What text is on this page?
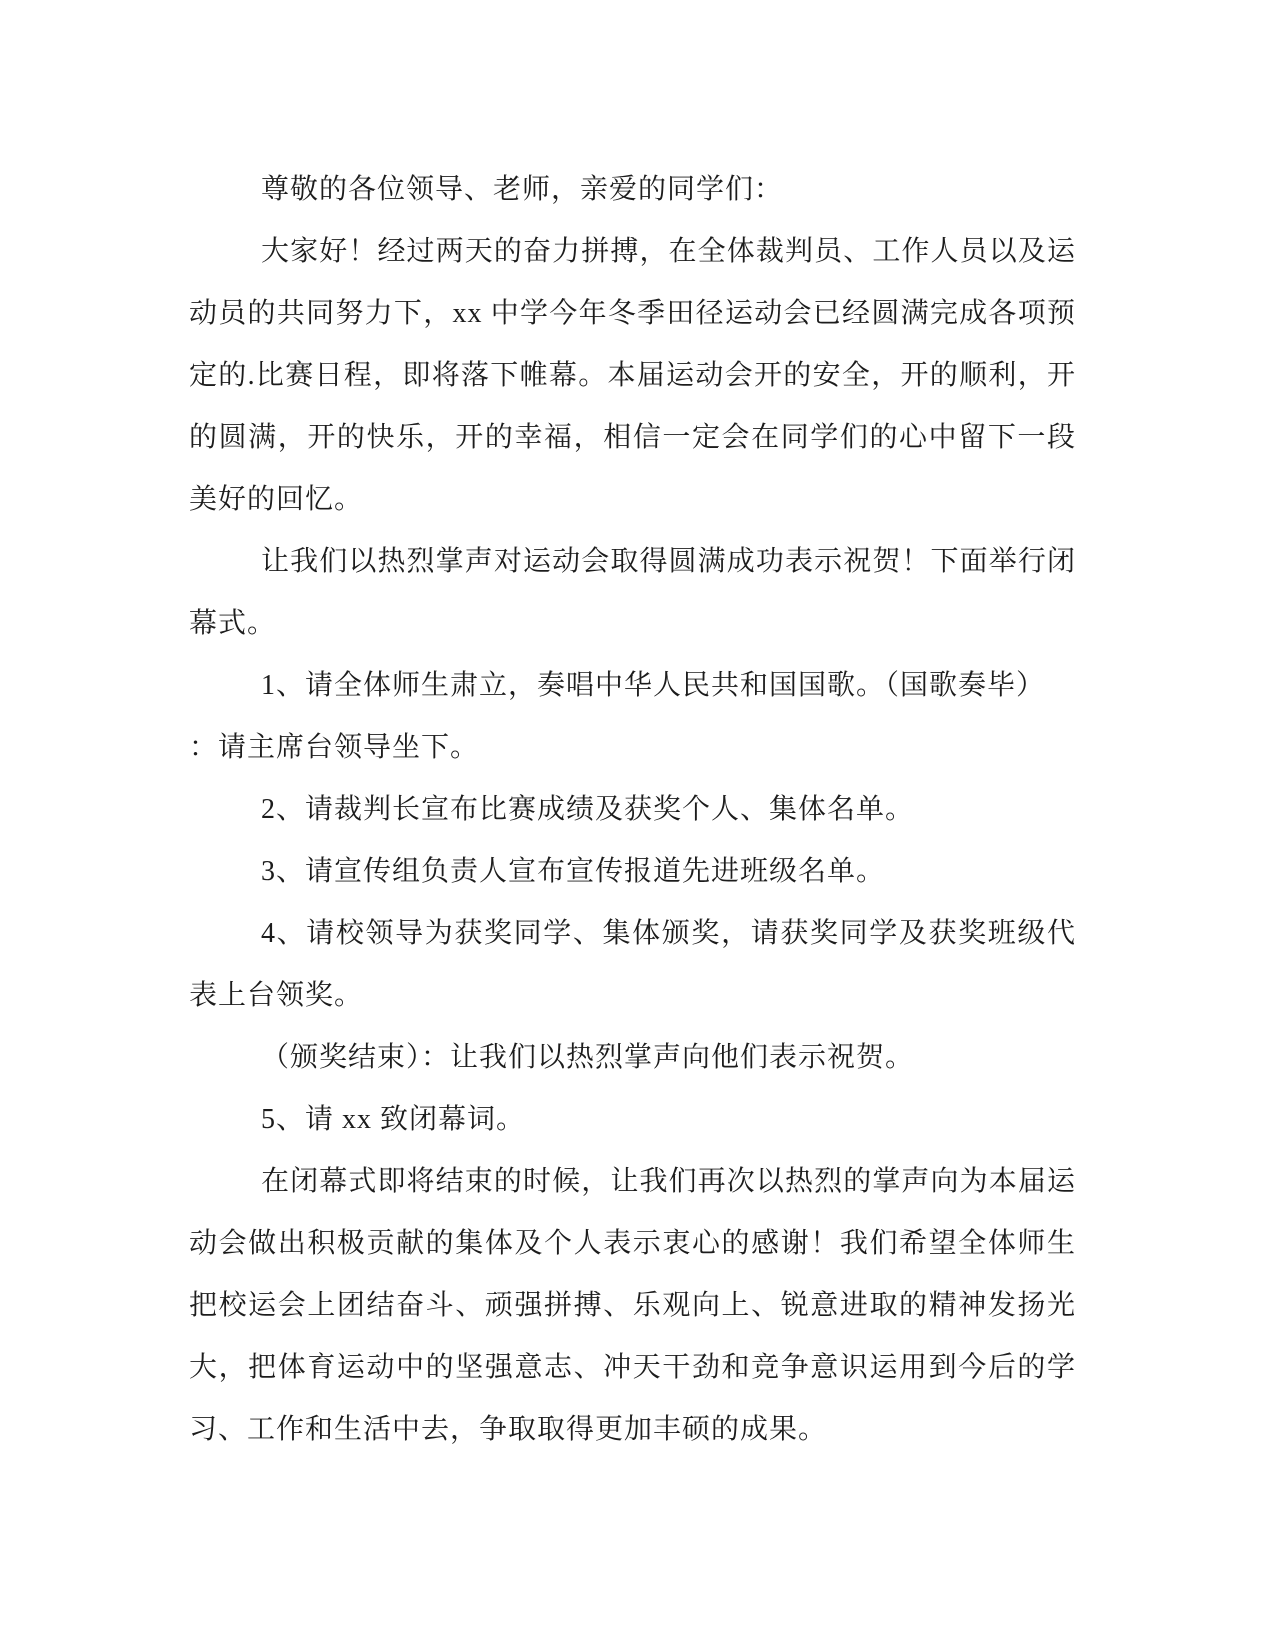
尊敬的各位领导、老师，亲爱的同学们：
大家好！经过两天的奋力拼搏，在全体裁判员、工作人员以及运
动员的共同努力下，xx 中学今年冬季田径运动会已经圆满完成各项预
定的.比赛日程，即将落下帷幕。本届运动会开的安全，开的顺利，开
的圆满，开的快乐，开的幸福，相信一定会在同学们的心中留下一段
美好的回忆。
让我们以热烈掌声对运动会取得圆满成功表示祝贺！下面举行闭
幕式。
1、请全体师生肃立，奏唱中华人民共和国国歌。（国歌奏毕）
：请主席台领导坐下。
2、请裁判长宣布比赛成绩及获奖个人、集体名单。
3、请宣传组负责人宣布宣传报道先进班级名单。
4、请校领导为获奖同学、集体颁奖，请获奖同学及获奖班级代
表上台领奖。
（颁奖结束）：让我们以热烈掌声向他们表示祝贺。
5、请 xx 致闭幕词。
在闭幕式即将结束的时候，让我们再次以热烈的掌声向为本届运
动会做出积极贡献的集体及个人表示衷心的感谢！我们希望全体师生
把校运会上团结奋斗、顽强拼搏、乐观向上、锐意进取的精神发扬光
大，把体育运动中的坚强意志、冲天干劲和竞争意识运用到今后的学
习、工作和生活中去，争取取得更加丰硕的成果。
